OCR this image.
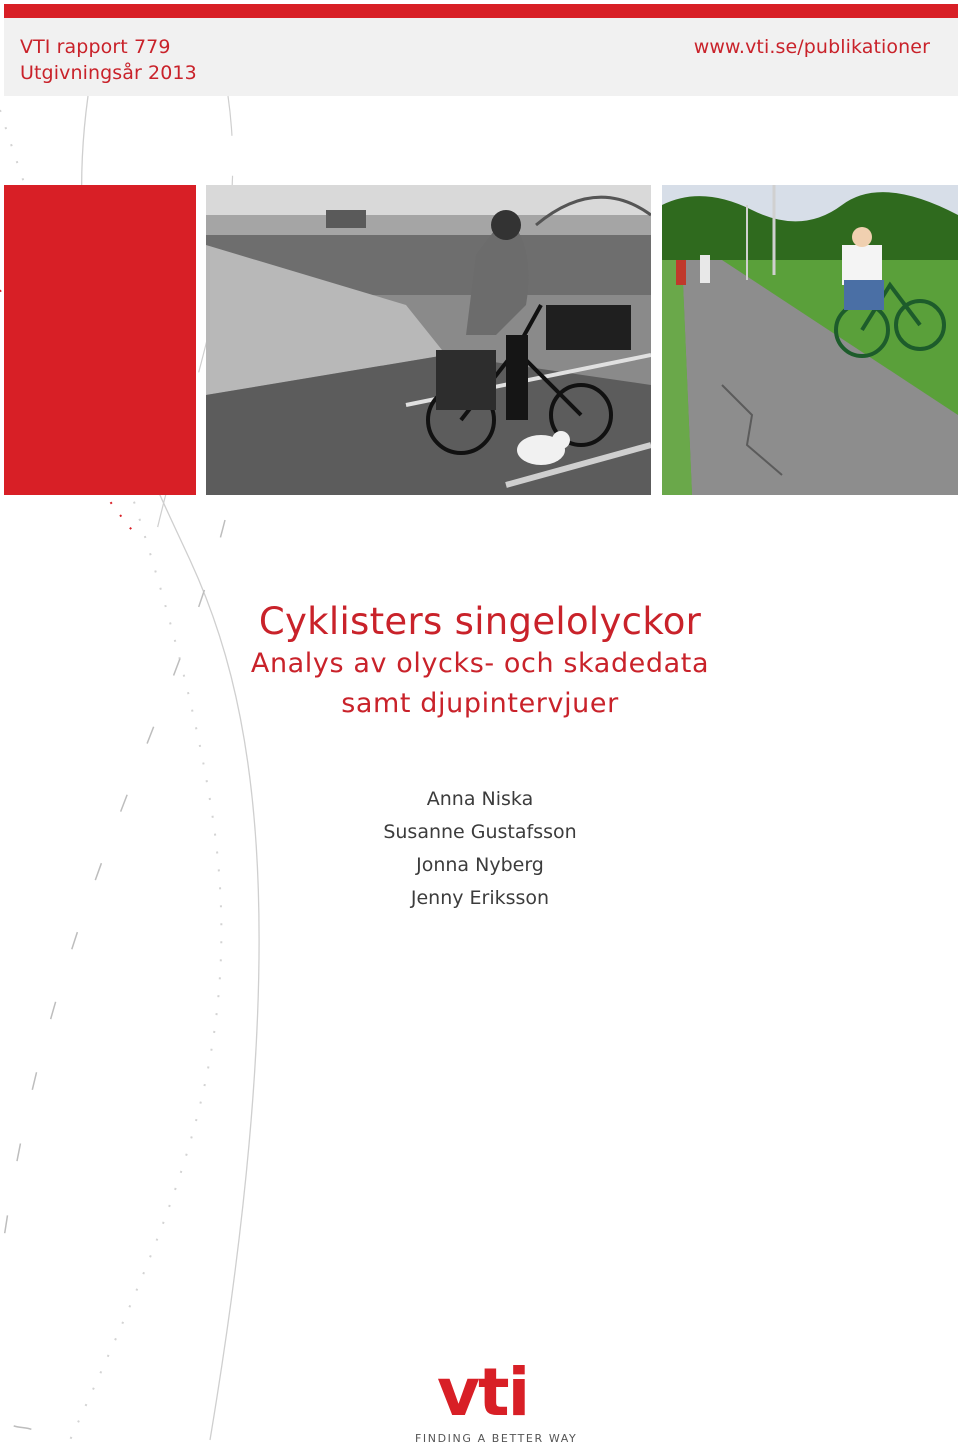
VTI rapport 779
Utgivningsår 2013
www.vti.se/publikationer
Cyklisters singelolyckor
Analys av olycks- och skadedata
samt djupintervjuer
Anna Niska
Susanne Gustafsson
Jonna Nyberg
Jenny Eriksson
vti
FINDING A BETTER WAY
